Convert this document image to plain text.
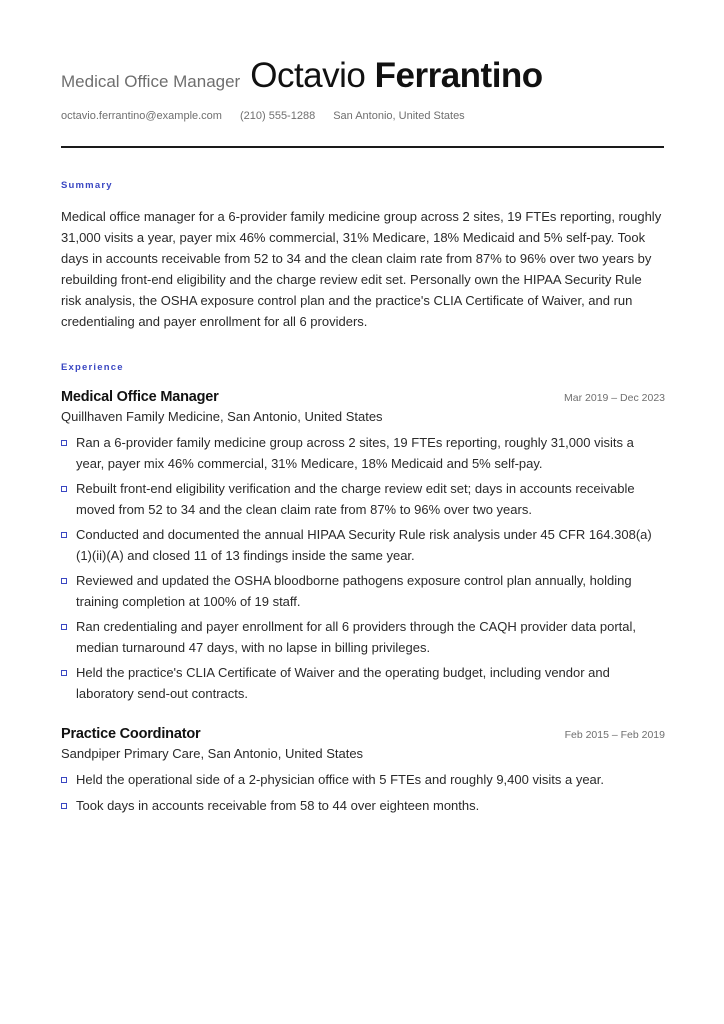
Medical Office Manager Octavio Ferrantino
octavio.ferrantino@example.com (210) 555-1288 San Antonio, United States
Summary
Medical office manager for a 6-provider family medicine group across 2 sites, 19 FTEs reporting, roughly 31,000 visits a year, payer mix 46% commercial, 31% Medicare, 18% Medicaid and 5% self-pay. Took days in accounts receivable from 52 to 34 and the clean claim rate from 87% to 96% over two years by rebuilding front-end eligibility and the charge review edit set. Personally own the HIPAA Security Rule risk analysis, the OSHA exposure control plan and the practice's CLIA Certificate of Waiver, and run credentialing and payer enrollment for all 6 providers.
Experience
Medical Office Manager	Mar 2019 – Dec 2023
Quillhaven Family Medicine, San Antonio, United States
Ran a 6-provider family medicine group across 2 sites, 19 FTEs reporting, roughly 31,000 visits a year, payer mix 46% commercial, 31% Medicare, 18% Medicaid and 5% self-pay.
Rebuilt front-end eligibility verification and the charge review edit set; days in accounts receivable moved from 52 to 34 and the clean claim rate from 87% to 96% over two years.
Conducted and documented the annual HIPAA Security Rule risk analysis under 45 CFR 164.308(a)(1)(ii)(A) and closed 11 of 13 findings inside the same year.
Reviewed and updated the OSHA bloodborne pathogens exposure control plan annually, holding training completion at 100% of 19 staff.
Ran credentialing and payer enrollment for all 6 providers through the CAQH provider data portal, median turnaround 47 days, with no lapse in billing privileges.
Held the practice's CLIA Certificate of Waiver and the operating budget, including vendor and laboratory send-out contracts.
Practice Coordinator	Feb 2015 – Feb 2019
Sandpiper Primary Care, San Antonio, United States
Held the operational side of a 2-physician office with 5 FTEs and roughly 9,400 visits a year.
Took days in accounts receivable from 58 to 44 over eighteen months.
